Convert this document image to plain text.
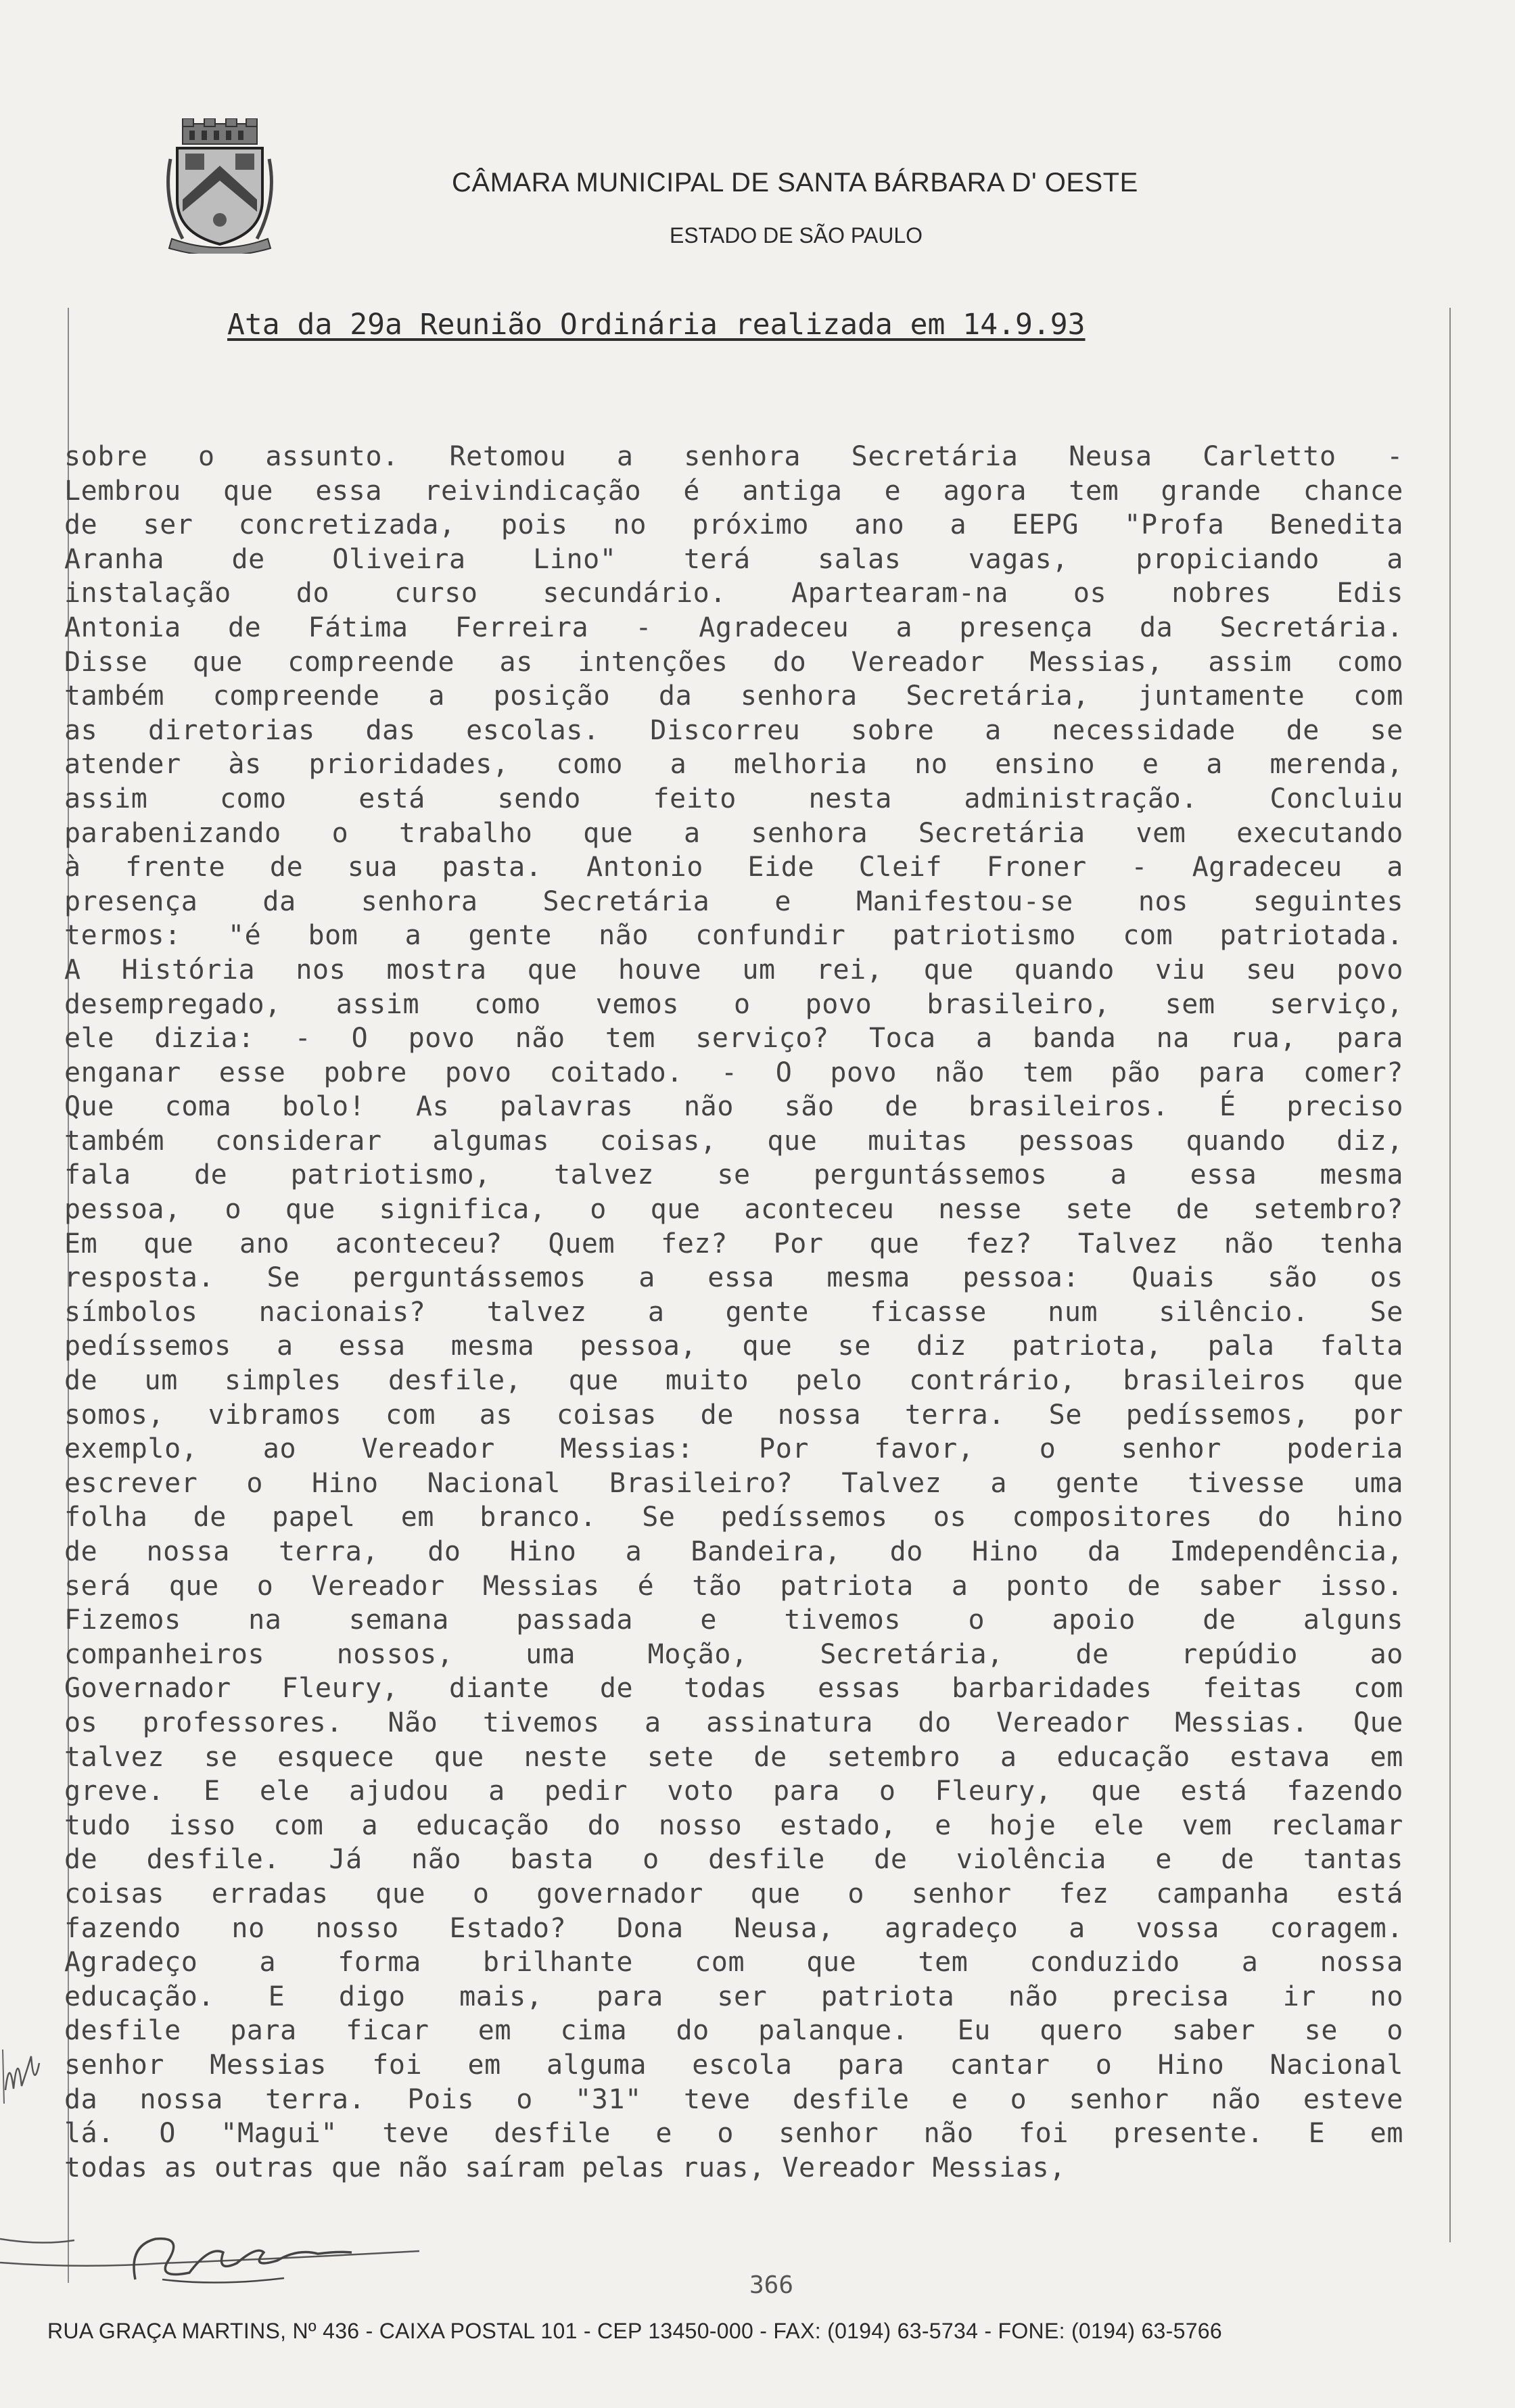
CÂMARA MUNICIPAL DE SANTA BÁRBARA D' OESTE
ESTADO DE SÃO PAULO
Ata da 29a Reunião Ordinária realizada em 14.9.93
sobre o assunto. Retomou a senhora Secretária Neusa Carletto -
Lembrou que essa reivindicação é antiga e agora tem grande chance
de ser concretizada, pois no próximo ano a EEPG "Profa Benedita
Aranha de Oliveira Lino" terá salas vagas, propiciando a
instalação do curso secundário. Apartearam-na os nobres Edis
Antonia de Fátima Ferreira - Agradeceu a presença da Secretária.
Disse que compreende as intenções do Vereador Messias, assim como
também compreende a posição da senhora Secretária, juntamente com
as diretorias das escolas. Discorreu sobre a necessidade de se
atender às prioridades, como a melhoria no ensino e a merenda,
assim como está sendo feito nesta administração. Concluiu
parabenizando o trabalho que a senhora Secretária vem executando
à frente de sua pasta. Antonio Eide Cleif Froner - Agradeceu a
presença da senhora Secretária e Manifestou-se nos seguintes
termos: "é bom a gente não confundir patriotismo com patriotada.
A História nos mostra que houve um rei, que quando viu seu povo
desempregado, assim como vemos o povo brasileiro, sem serviço,
ele dizia: - O povo não tem serviço? Toca a banda na rua, para
enganar esse pobre povo coitado. - O povo não tem pão para comer?
Que coma bolo! As palavras não são de brasileiros. É preciso
também considerar algumas coisas, que muitas pessoas quando diz,
fala de patriotismo, talvez se perguntássemos a essa mesma
pessoa, o que significa, o que aconteceu nesse sete de setembro?
Em que ano aconteceu? Quem fez? Por que fez? Talvez não tenha
resposta. Se perguntássemos a essa mesma pessoa: Quais são os
símbolos nacionais? talvez a gente ficasse num silêncio. Se
pedíssemos a essa mesma pessoa, que se diz patriota, pala falta
de um simples desfile, que muito pelo contrário, brasileiros que
somos, vibramos com as coisas de nossa terra. Se pedíssemos, por
exemplo, ao Vereador Messias: Por favor, o senhor poderia
escrever o Hino Nacional Brasileiro? Talvez a gente tivesse uma
folha de papel em branco. Se pedíssemos os compositores do hino
de nossa terra, do Hino a Bandeira, do Hino da Imdependência,
será que o Vereador Messias é tão patriota a ponto de saber isso.
Fizemos na semana passada e tivemos o apoio de alguns
companheiros nossos, uma Moção, Secretária, de repúdio ao
Governador Fleury, diante de todas essas barbaridades feitas com
os professores. Não tivemos a assinatura do Vereador Messias. Que
talvez se esquece que neste sete de setembro a educação estava em
greve. E ele ajudou a pedir voto para o Fleury, que está fazendo
tudo isso com a educação do nosso estado, e hoje ele vem reclamar
de desfile. Já não basta o desfile de violência e de tantas
coisas erradas que o governador que o senhor fez campanha está
fazendo no nosso Estado? Dona Neusa, agradeço a vossa coragem.
Agradeço a forma brilhante com que tem conduzido a nossa
educação. E digo mais, para ser patriota não precisa ir no
desfile para ficar em cima do palanque. Eu quero saber se o
senhor Messias foi em alguma escola para cantar o Hino Nacional
da nossa terra. Pois o "31" teve desfile e o senhor não esteve
lá. O "Magui" teve desfile e o senhor não foi presente. E em
todas as outras que não saíram pelas ruas, Vereador Messias,
366
RUA GRAÇA MARTINS, Nº 436 - CAIXA POSTAL 101 - CEP 13450-000 - FAX: (0194) 63-5734 - FONE: (0194) 63-5766
